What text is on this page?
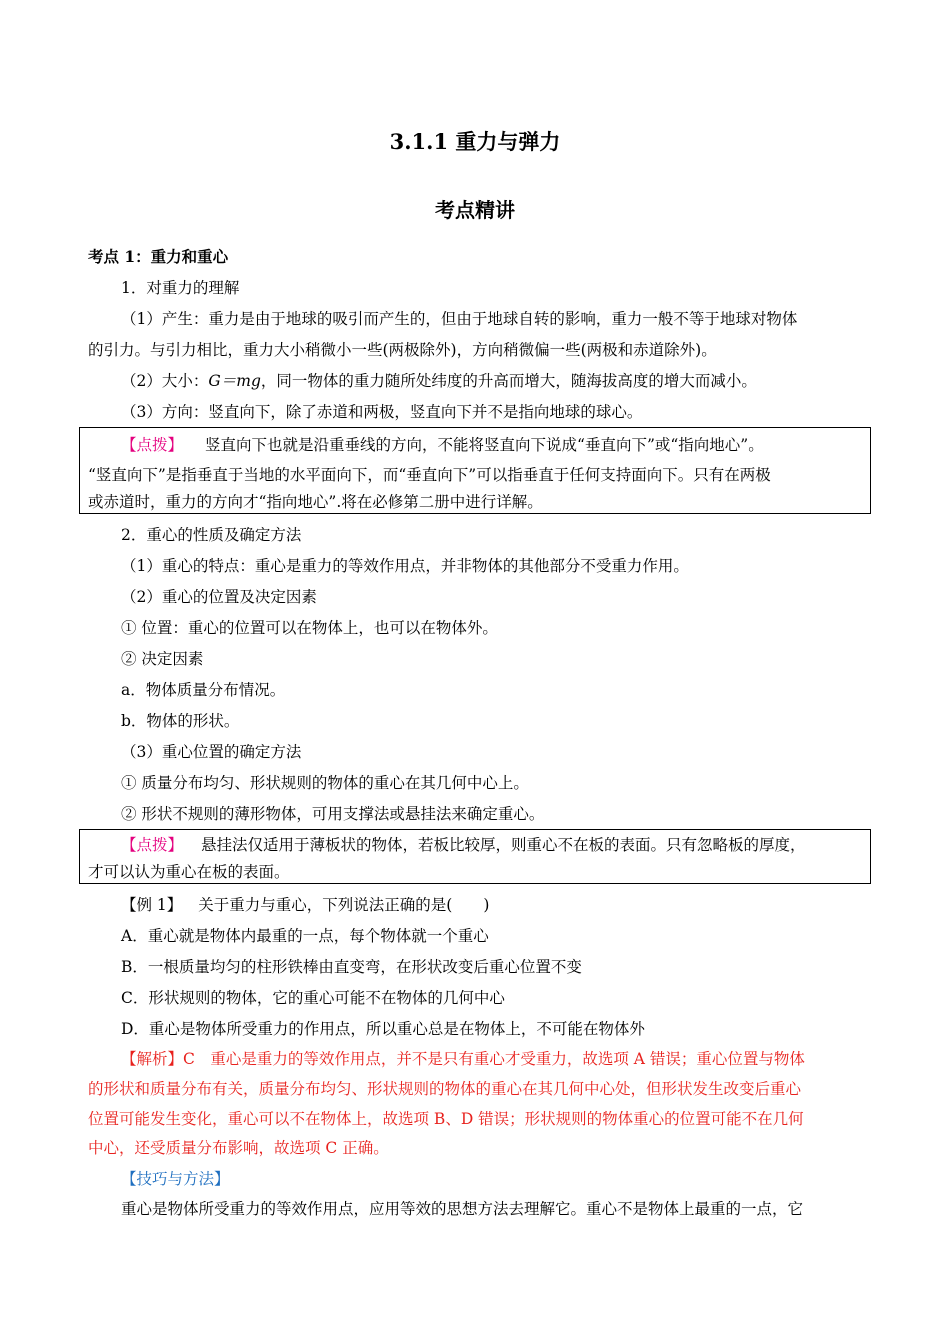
3.1.1 重力与弹力
考点精讲
考点 1：重力和重心
1．对重力的理解
（1）产生：重力是由于地球的吸引而产生的，但由于地球自转的影响，重力一般不等于地球对物体
的引力。与引力相比，重力大小稍微小一些(两极除外)，方向稍微偏一些(两极和赤道除外)。
（2）大小：G＝mg，同一物体的重力随所处纬度的升高而增大，随海拔高度的增大而减小。
（3）方向：竖直向下，除了赤道和两极，竖直向下并不是指向地球的球心。
【点拨】 竖直向下也就是沿重垂线的方向，不能将竖直向下说成“垂直向下”或“指向地心”。
“竖直向下”是指垂直于当地的水平面向下，而“垂直向下”可以指垂直于任何支持面向下。只有在两极
或赤道时，重力的方向才“指向地心”.将在必修第二册中进行详解。
2．重心的性质及确定方法
（1）重心的特点：重心是重力的等效作用点，并非物体的其他部分不受重力作用。
（2）重心的位置及决定因素
① 位置：重心的位置可以在物体上，也可以在物体外。
② 决定因素
a．物体质量分布情况。
b．物体的形状。
（3）重心位置的确定方法
① 质量分布均匀、形状规则的物体的重心在其几何中心上。
② 形状不规则的薄形物体，可用支撑法或悬挂法来确定重心。
【点拨】 悬挂法仅适用于薄板状的物体，若板比较厚，则重心不在板的表面。只有忽略板的厚度，
才可以认为重心在板的表面。
【例 1】 关于重力与重心，下列说法正确的是(　　)
A．重心就是物体内最重的一点，每个物体就一个重心
B．一根质量均匀的柱形铁棒由直变弯，在形状改变后重心位置不变
C．形状规则的物体，它的重心可能不在物体的几何中心
D．重心是物体所受重力的作用点，所以重心总是在物体上，不可能在物体外
【解析】C　重心是重力的等效作用点，并不是只有重心才受重力，故选项 A 错误；重心位置与物体
的形状和质量分布有关，质量分布均匀、形状规则的物体的重心在其几何中心处，但形状发生改变后重心
位置可能发生变化，重心可以不在物体上，故选项 B、D 错误；形状规则的物体重心的位置可能不在几何
中心，还受质量分布影响，故选项 C 正确。
【技巧与方法】
重心是物体所受重力的等效作用点，应用等效的思想方法去理解它。重心不是物体上最重的一点，它
